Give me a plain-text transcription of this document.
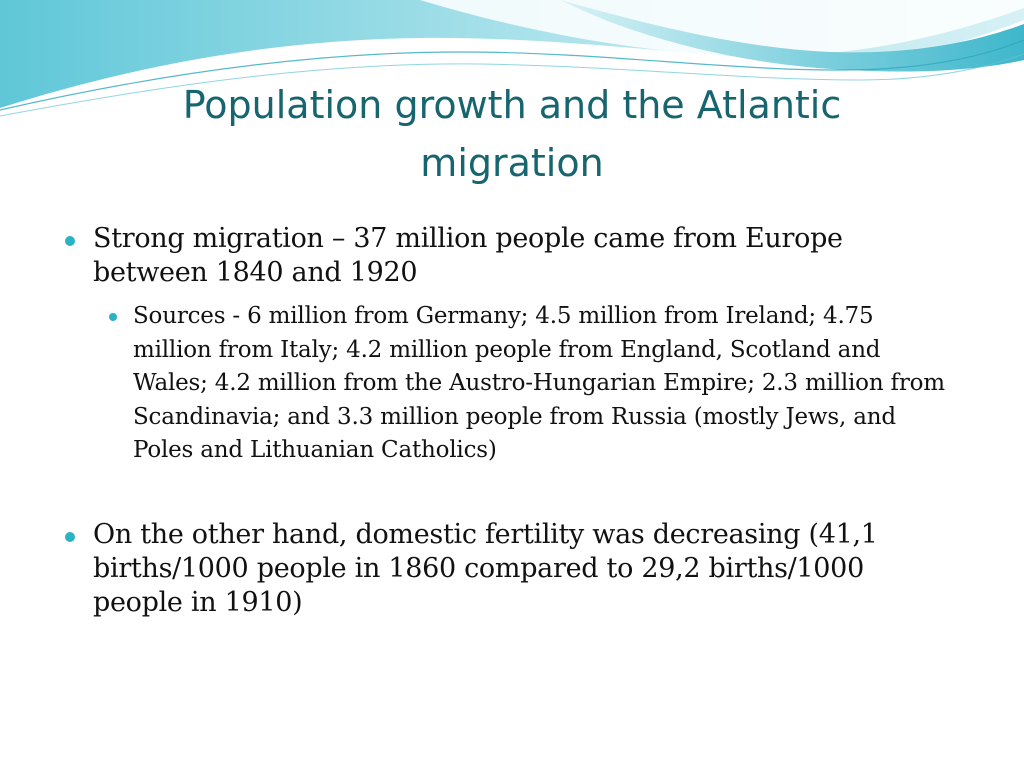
Population growth and the Atlantic migration
Strong migration – 37 million people came from Europe between 1840 and 1920
Sources - 6 million from Germany; 4.5 million from Ireland; 4.75 million from Italy; 4.2 million people from England, Scotland and Wales; 4.2 million from the Austro-Hungarian Empire; 2.3 million from Scandinavia; and 3.3 million people from Russia (mostly Jews, and Poles and Lithuanian Catholics)
On the other hand, domestic fertility was decreasing (41,1 births/1000 people in 1860 compared to 29,2 births/1000 people in 1910)
